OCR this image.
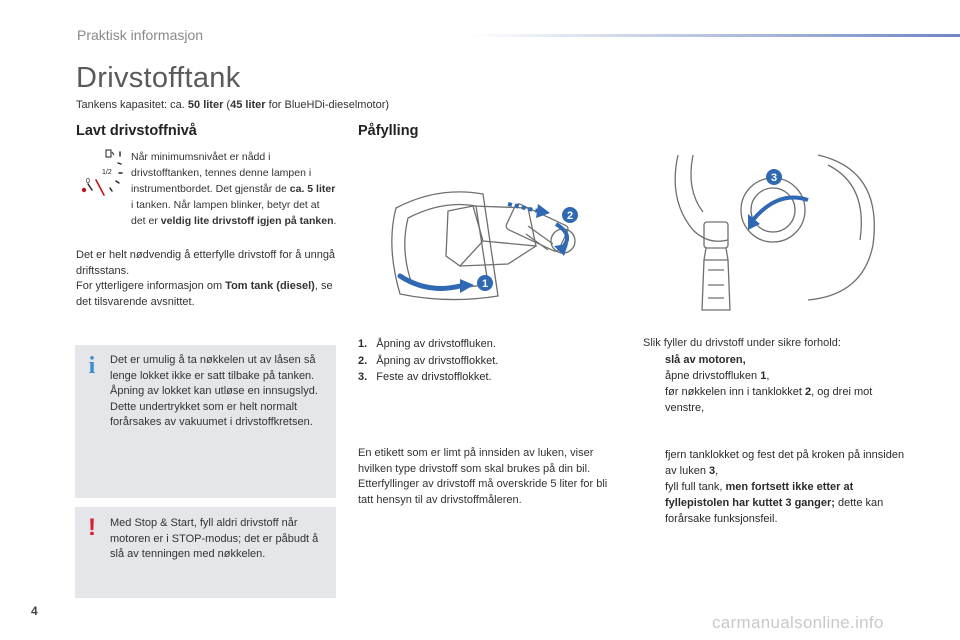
Praktisk informasjon
Drivstofftank
Tankens kapasitet: ca. 50 liter (45 liter for BlueHDi-dieselmotor)
Lavt drivstoffnivå
1/2
0
Når minimumsnivået er nådd i drivstofftanken, tennes denne lampen i instrumentbordet. Det gjenstår de ca. 5 liter i tanken. Når lampen blinker, betyr det at det er veldig lite drivstoff igjen på tanken.
Det er helt nødvendig å etterfylle drivstoff for å unngå driftsstans.
For ytterligere informasjon om Tom tank (diesel), se det tilsvarende avsnittet.
i Det er umulig å ta nøkkelen ut av låsen så lenge lokket ikke er satt tilbake på tanken.
Åpning av lokket kan utløse en innsugslyd. Dette undertrykket som er helt normalt forårsakes av vakuumet i drivstoffkretsen.
! Med Stop & Start, fyll aldri drivstoff når motoren er i STOP-modus; det er påbudt å slå av tenningen med nøkkelen.
Påfylling
1
2
3
1. Åpning av drivstoffluken.
2. Åpning av drivstofflokket.
3. Feste av drivstofflokket.
En etikett som er limt på innsiden av luken, viser hvilken type drivstoff som skal brukes på din bil.
Etterfyllinger av drivstoff må overskride 5 liter for bli tatt hensyn til av drivstoffmåleren.
Slik fyller du drivstoff under sikre forhold:
slå av motoren,
åpne drivstoffluken 1,
før nøkkelen inn i tanklokket 2, og drei mot venstre,
fjern tanklokket og fest det på kroken på innsiden av luken 3,
fyll full tank, men fortsett ikke etter at fyllepistolen har kuttet 3 ganger; dette kan forårsake funksjonsfeil.
4
carmanualsonline.info
